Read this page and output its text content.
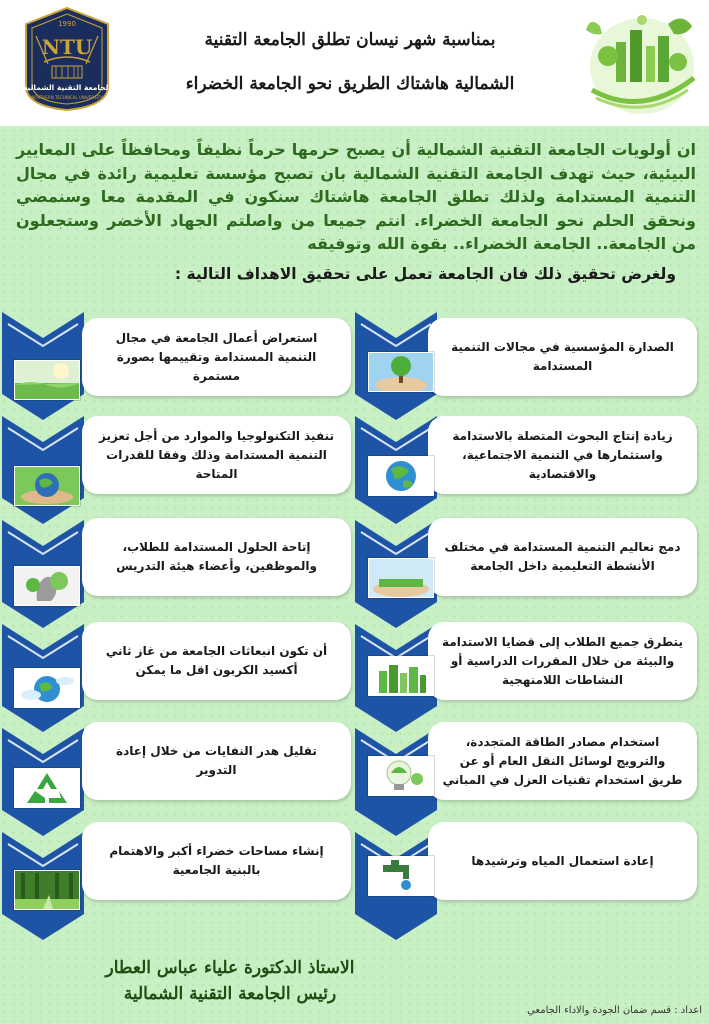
1990
NTU
الجامعة التقنية الشمالية
NORTHERN TECHNICAL UNIVERSITY
بمناسبة شهر نيسان تطلق الجامعة التقنية
الشمالية هاشتاك الطريق نحو الجامعة الخضراء
ان أولويات الجامعة التقنية الشمالية أن يصبح حرمها حرماً نظيفاً ومحافظاً على المعايير البيئية، حيث تهدف الجامعة التقنية الشمالية بان تصبح مؤسسة تعليمية رائدة في مجال التنمية المستدامة ولذلك تطلق الجامعة هاشتاك سنكون في المقدمة معا وسنمضي ونحقق الحلم نحو الجامعة الخضراء. انتم جميعا من واصلتم الجهاد الأخضر وستجعلون من الجامعة.. الجامعة الخضراء.. بقوة الله وتوفيقه
ولغرض تحقيق ذلك فان الجامعة تعمل على تحقيق الاهداف التالية :
الصدارة المؤسسية في مجالات التنمية المستدامة
زيادة إنتاج البحوث المتصلة بالاستدامة واستثمارها في التنمية الاجتماعية، والاقتصادية
دمج تعاليم التنمية المستدامة في مختلف الأنشطة التعليمية داخل الجامعة
يتطرق جميع الطلاب إلى قضايا الاستدامة والبيئة من خلال المقررات الدراسية أو النشاطات اللامنهجية
استخدام مصادر الطاقة المتجددة، والترويج لوسائل النقل العام أو عن طريق استخدام تقنيات العزل في المباني
إعادة استعمال المياه وترشيدها
استعراض أعمال الجامعة في مجال التنمية المستدامة وتقييمها بصورة مستمرة
تنفيذ التكنولوجيا والموارد من أجل تعزيز التنمية المستدامة وذلك وفقا للقدرات المتاحة
إتاحة الحلول المستدامة للطلاب، والموظفين، وأعضاء هيئة التدريس
أن تكون انبعاثات الجامعة من غاز ثاني أكسيد الكربون اقل ما يمكن
تقليل هدر النفايات من خلال إعادة التدوير
إنشاء مساحات خضراء أكبر والاهتمام بالبنية الجامعية
الاستاذ الدكتورة علياء عباس العطار
رئيس الجامعة التقنية الشمالية
اعداد : قسم ضمان الجودة والاداء الجامعي
